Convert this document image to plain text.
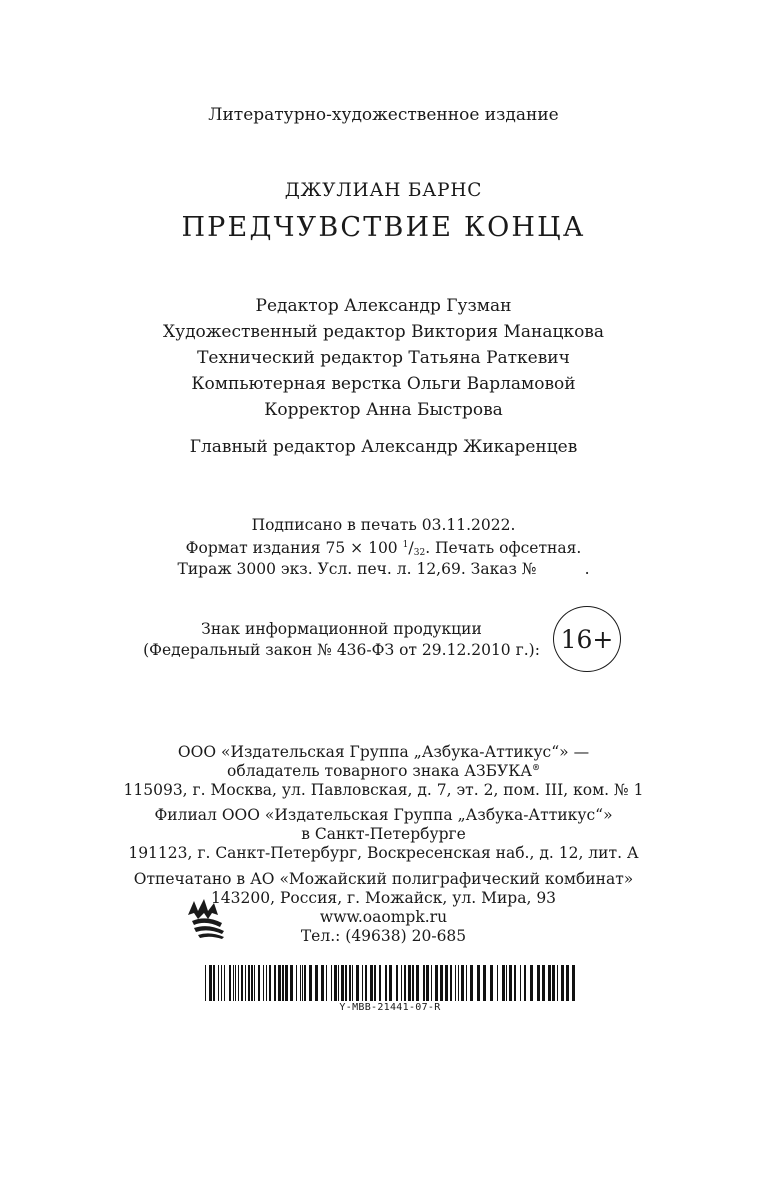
Литературно-художественное издание
ДЖУЛИАН БАРНС
ПРЕДЧУВСТВИЕ КОНЦА
Редактор Александр Гузман
Художественный редактор Виктория Манацкова
Технический редактор Татьяна Раткевич
Компьютерная верстка Ольги Варламовой
Корректор Анна Быстрова
Главный редактор Александр Жикаренцев
Подписано в печать 03.11.2022.
Формат издания 75 × 100 $^1/_{32}$. Печать офсетная.
Тираж 3000 экз. Усл. печ. л. 12,69. Заказ №	.
Знак информационной продукции
(Федеральный закон № 436-ФЗ от 29.12.2010 г.): 16+
ООО «Издательская Группа „Азбука-Аттикус“» —
обладатель товарного знака АЗБУКА®
115093, г. Москва, ул. Павловская, д. 7, эт. 2, пом. III, ком. № 1
Филиал ООО «Издательская Группа „Азбука-Аттикус“»
в Санкт-Петербурге
191123, г. Санкт-Петербург, Воскресенская наб., д. 12, лит. А
Отпечатано в АО «Можайский полиграфический комбинат»
143200, Россия, г. Можайск, ул. Мира, 93
www.oaompk.ru
Тел.: (49638) 20-685
Y-MBB-21441-07-R
